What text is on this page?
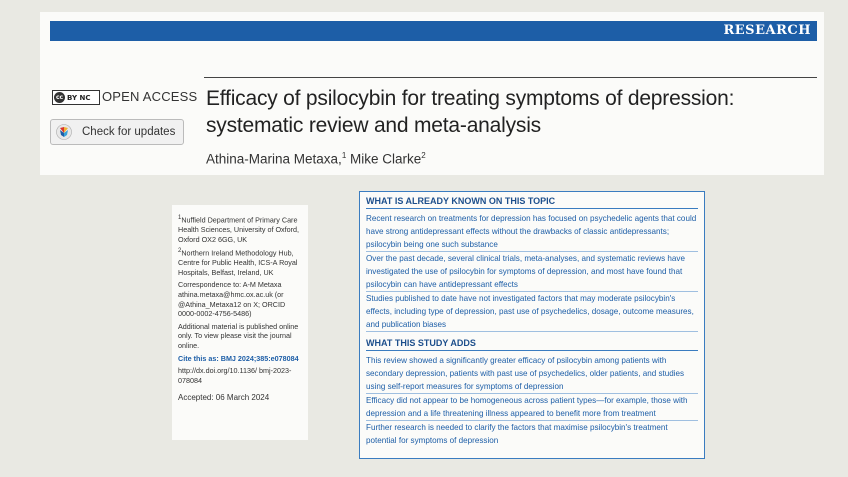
RESEARCH
cc BY NC OPEN ACCESS
Check for updates
Efficacy of psilocybin for treating symptoms of depression:
systematic review and meta-analysis
Athina-Marina Metaxa,$^1$ Mike Clarke$^2$

$^1$Nuffield Department of Primary Care Health Sciences, University of Oxford, Oxford OX2 6GG, UK

$^2$Northern Ireland Methodology Hub, Centre for Public Health, ICS-A Royal Hospitals, Belfast, Ireland, UK

Correspondence to: A-M Metaxa athina.metaxa@hmc.ox.ac.uk (or @Athina_Metaxa12 on X; ORCID 0000-0002-4756-5486)

Additional material is published online only. To view please visit the journal online.

Cite this as: BMJ 2024;385:e078084

http://dx.doi.org/10.1136/ bmj-2023-078084

Accepted: 06 March 2024

WHAT IS ALREADY KNOWN ON THIS TOPIC

Recent research on treatments for depression has focused on psychedelic agents that could have strong antidepressant effects without the drawbacks of classic antidepressants; psilocybin being one such substance

Over the past decade, several clinical trials, meta-analyses, and systematic reviews have investigated the use of psilocybin for symptoms of depression, and most have found that psilocybin can have antidepressant effects

Studies published to date have not investigated factors that may moderate psilocybin's effects, including type of depression, past use of psychedelics, dosage, outcome measures, and publication biases

WHAT THIS STUDY ADDS

This review showed a significantly greater efficacy of psilocybin among patients with secondary depression, patients with past use of psychedelics, older patients, and studies using self-report measures for symptoms of depression

Efficacy did not appear to be homogeneous across patient types—for example, those with depression and a life threatening illness appeared to benefit more from treatment

Further research is needed to clarify the factors that maximise psilocybin's treatment potential for symptoms of depression
